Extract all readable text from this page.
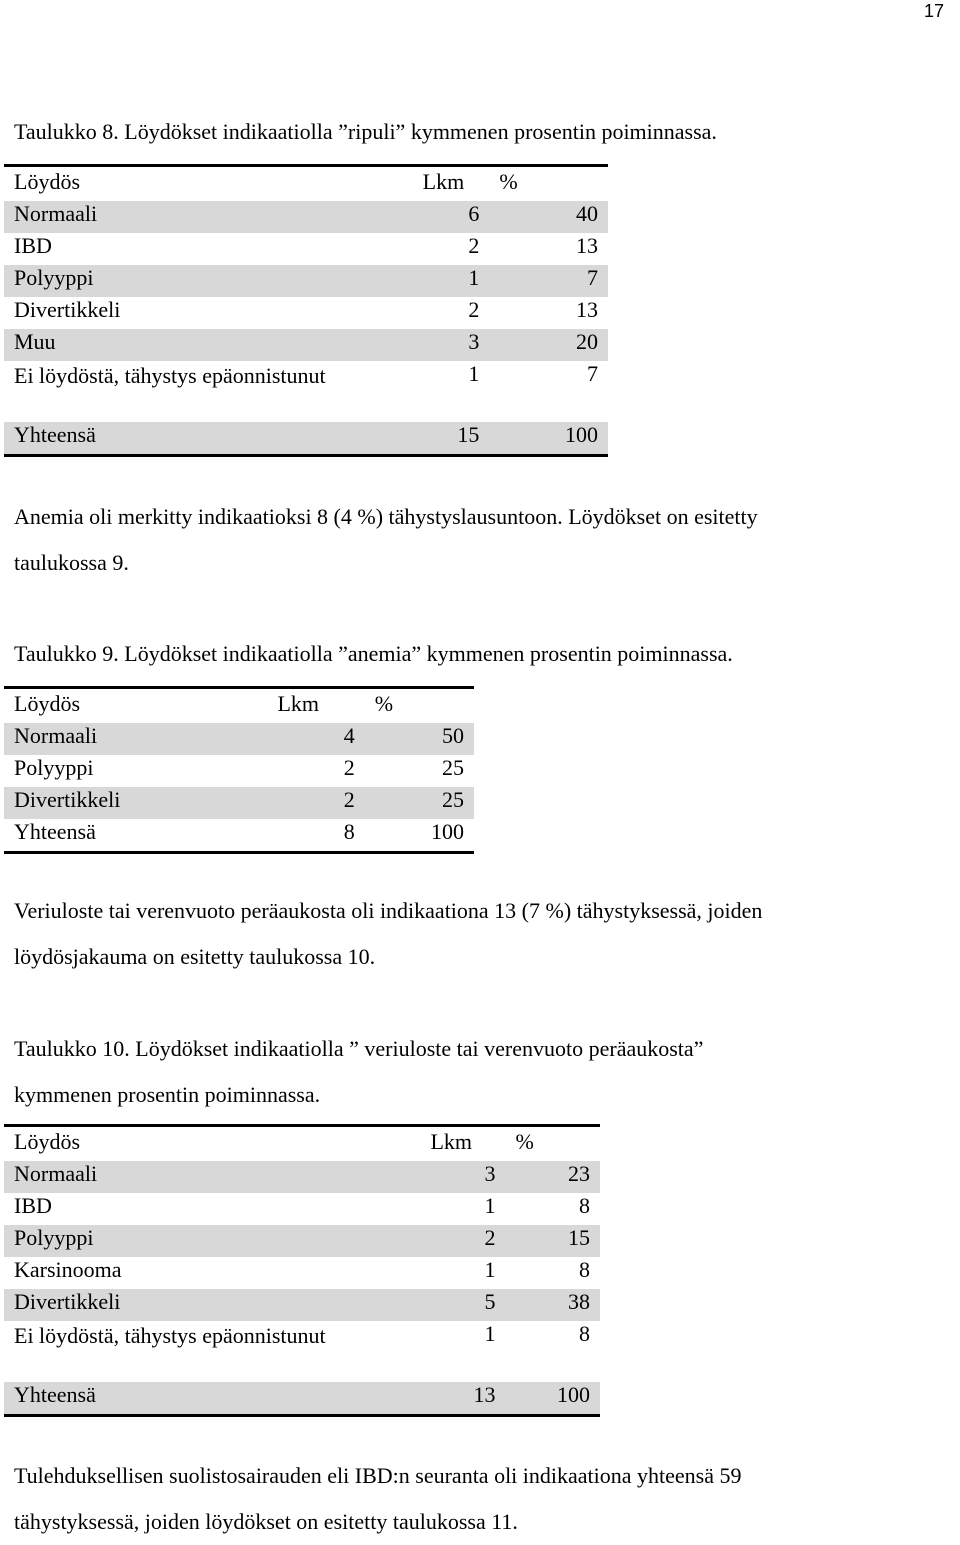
17

Taulukko 8. Löydökset indikaatiolla ”ripuli” kymmenen prosentin poiminnassa.

Löydös	Lkm	%
Normaali	6	40
IBD	2	13
Polyyppi	1	7
Divertikkeli	2	13
Muu	3	20
Ei löydöstä, tähystys epäonnistunut	1	7
Yhteensä	15	100

Anemia oli merkitty indikaatioksi 8 (4 %) tähystyslausuntoon. Löydökset on esitetty
taulukossa 9.

Taulukko 9. Löydökset indikaatiolla ”anemia” kymmenen prosentin poiminnassa.

Löydös	Lkm	%
Normaali	4	50
Polyyppi	2	25
Divertikkeli	2	25
Yhteensä	8	100

Veriuloste tai verenvuoto peräaukosta oli indikaationa 13 (7 %) tähystyksessä, joiden
löydösjakauma on esitetty taulukossa 10.

Taulukko 10. Löydökset indikaatiolla ” veriuloste tai verenvuoto peräaukosta”
kymmenen prosentin poiminnassa.

Löydös	Lkm	%
Normaali	3	23
IBD	1	8
Polyyppi	2	15
Karsinooma	1	8
Divertikkeli	5	38
Ei löydöstä, tähystys epäonnistunut	1	8
Yhteensä	13	100

Tulehduksellisen suolistosairauden eli IBD:n seuranta oli indikaationa yhteensä 59
tähystyksessä, joiden löydökset on esitetty taulukossa 11.
